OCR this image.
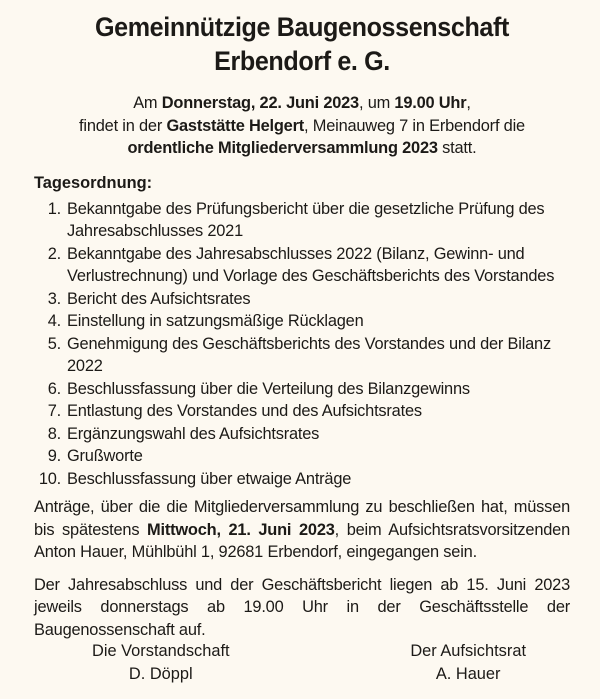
Gemeinnützige Baugenossenschaft
Erbendorf e. G.
Am Donnerstag, 22. Juni 2023, um 19.00 Uhr,
findet in der Gaststätte Helgert, Meinauweg 7 in Erbendorf die
ordentliche Mitgliederversammlung 2023 statt.
Tagesordnung:
1. Bekanntgabe des Prüfungsbericht über die gesetzliche Prüfung des Jahresabschlusses 2021
2. Bekanntgabe des Jahresabschlusses 2022 (Bilanz, Gewinn- und Verlustrechnung) und Vorlage des Geschäftsberichts des Vorstandes
3. Bericht des Aufsichtsrates
4. Einstellung in satzungsmäßige Rücklagen
5. Genehmigung des Geschäftsberichts des Vorstandes und der Bilanz 2022
6. Beschlussfassung über die Verteilung des Bilanzgewinns
7. Entlastung des Vorstandes und des Aufsichtsrates
8. Ergänzungswahl des Aufsichtsrates
9. Grußworte
10. Beschlussfassung über etwaige Anträge
Anträge, über die die Mitgliederversammlung zu beschließen hat, müssen bis spätestens Mittwoch, 21. Juni 2023, beim Aufsichtsratsvorsitzenden Anton Hauer, Mühlbühl 1, 92681 Erbendorf, eingegangen sein.
Der Jahresabschluss und der Geschäftsbericht liegen ab 15. Juni 2023 jeweils donnerstags ab 19.00 Uhr in der Geschäftsstelle der Baugenossenschaft auf.
Die Vorstandschaft
D. Döppl
Der Aufsichtsrat
A. Hauer
